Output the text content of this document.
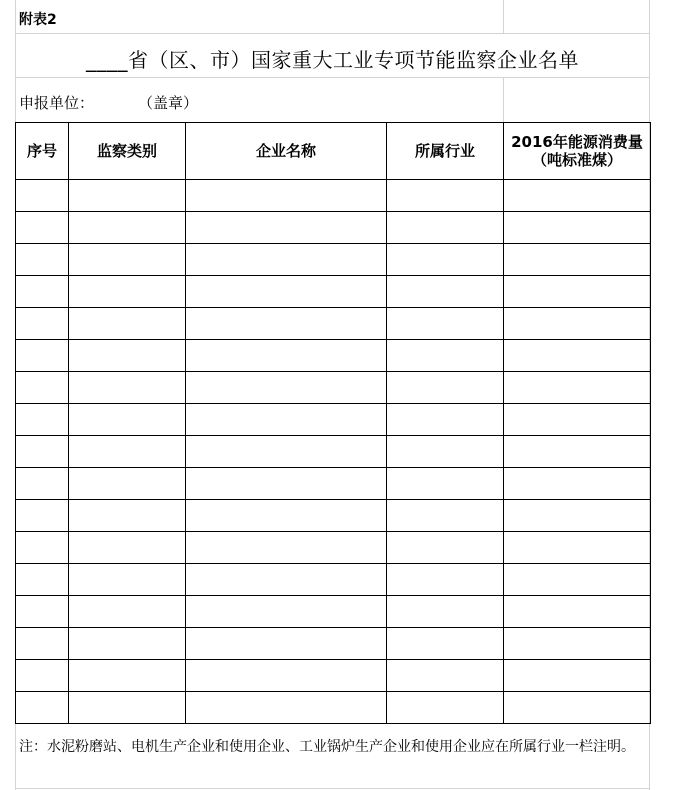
附表2
____省（区、市）国家重大工业专项节能监察企业名单
申报单位：	（盖章）
序号	监察类别	企业名称	所属行业	2016年能源消费量
（吨标准煤）

注：水泥粉磨站、电机生产企业和使用企业、工业锅炉生产企业和使用企业应在所属行业一栏注明。
